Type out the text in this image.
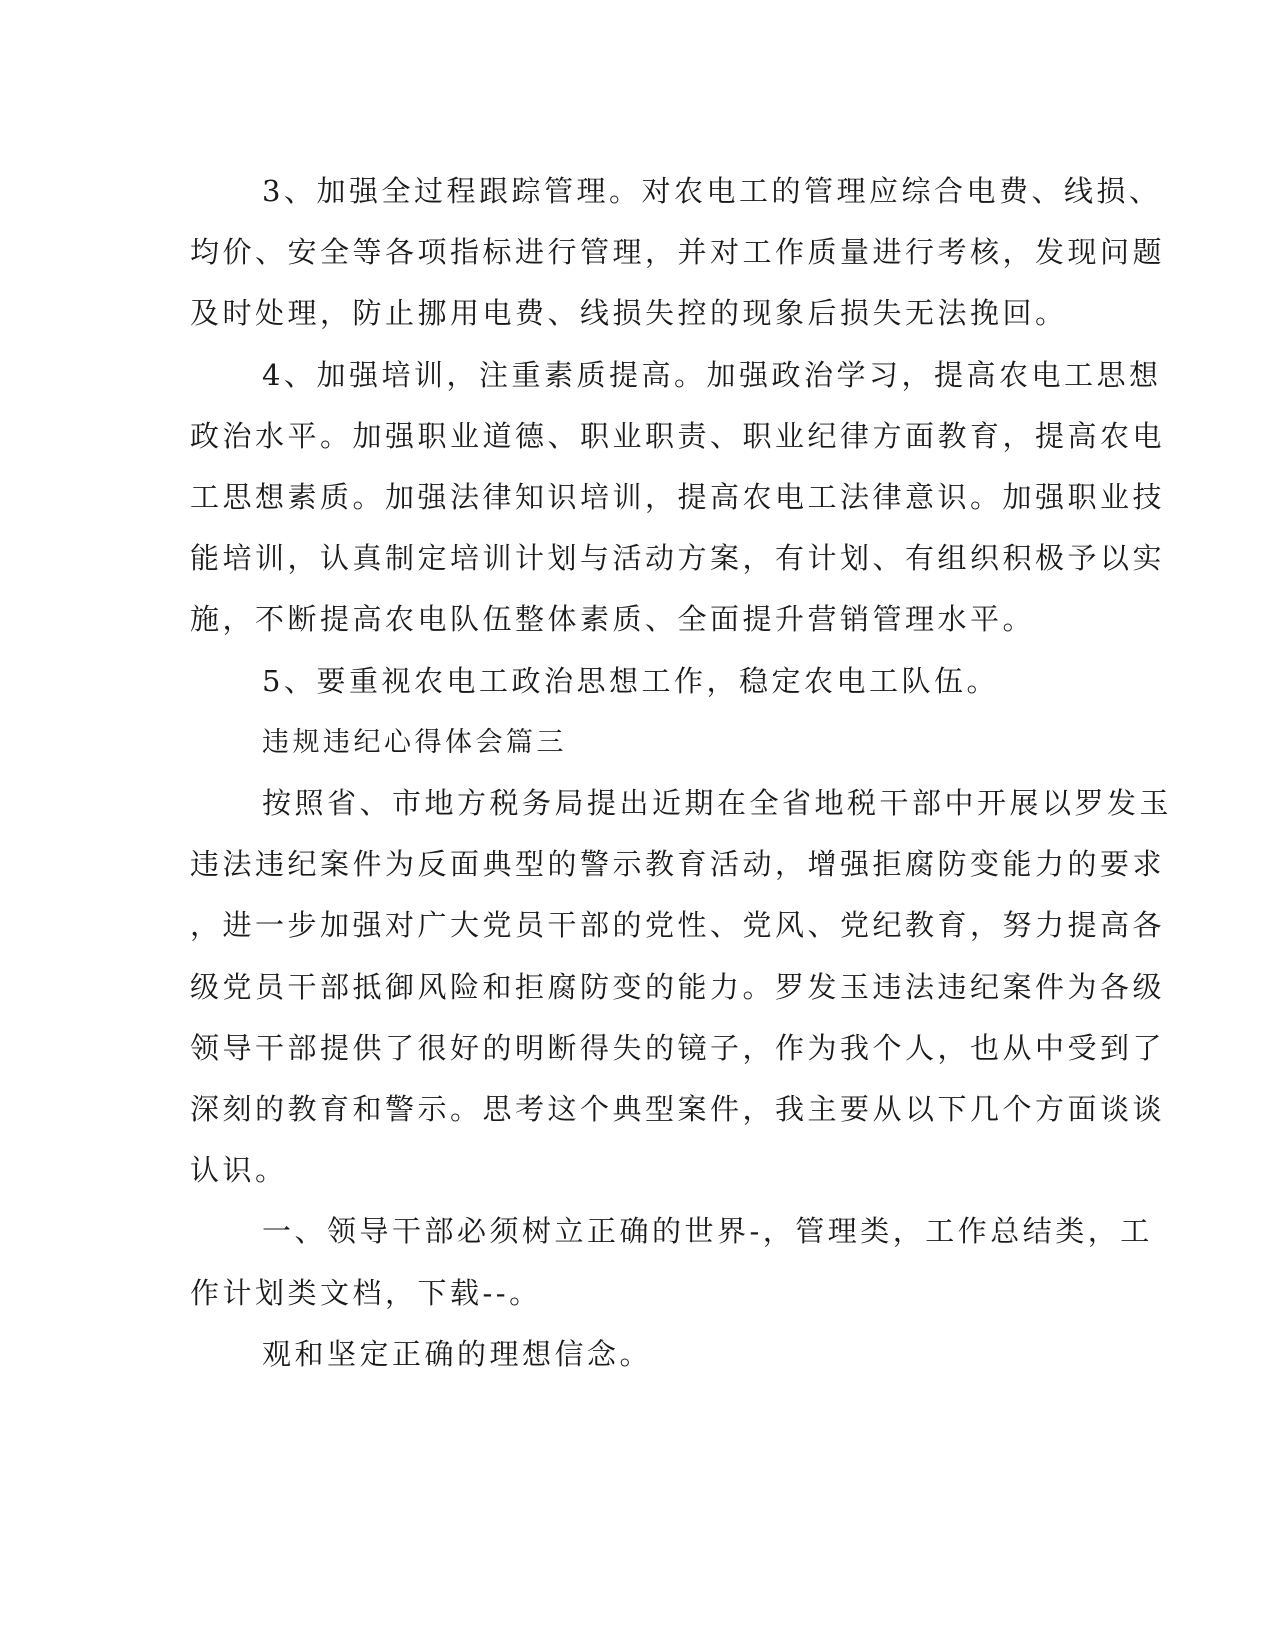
3、加强全过程跟踪管理。对农电工的管理应综合电费、线损、

均价、安全等各项指标进行管理，并对工作质量进行考核，发现问题

及时处理，防止挪用电费、线损失控的现象后损失无法挽回。

4、加强培训，注重素质提高。加强政治学习，提高农电工思想

政治水平。加强职业道德、职业职责、职业纪律方面教育，提高农电

工思想素质。加强法律知识培训，提高农电工法律意识。加强职业技

能培训，认真制定培训计划与活动方案，有计划、有组织积极予以实

施，不断提高农电队伍整体素质、全面提升营销管理水平。

5、要重视农电工政治思想工作，稳定农电工队伍。

违规违纪心得体会篇三

按照省、市地方税务局提出近期在全省地税干部中开展以罗发玉

违法违纪案件为反面典型的警示教育活动，增强拒腐防变能力的要求

，进一步加强对广大党员干部的党性、党风、党纪教育，努力提高各

级党员干部抵御风险和拒腐防变的能力。罗发玉违法违纪案件为各级

领导干部提供了很好的明断得失的镜子，作为我个人，也从中受到了

深刻的教育和警示。思考这个典型案件，我主要从以下几个方面谈谈

认识。

一、领导干部必须树立正确的世界-，管理类，工作总结类，工

作计划类文档，下载--。

观和坚定正确的理想信念。
